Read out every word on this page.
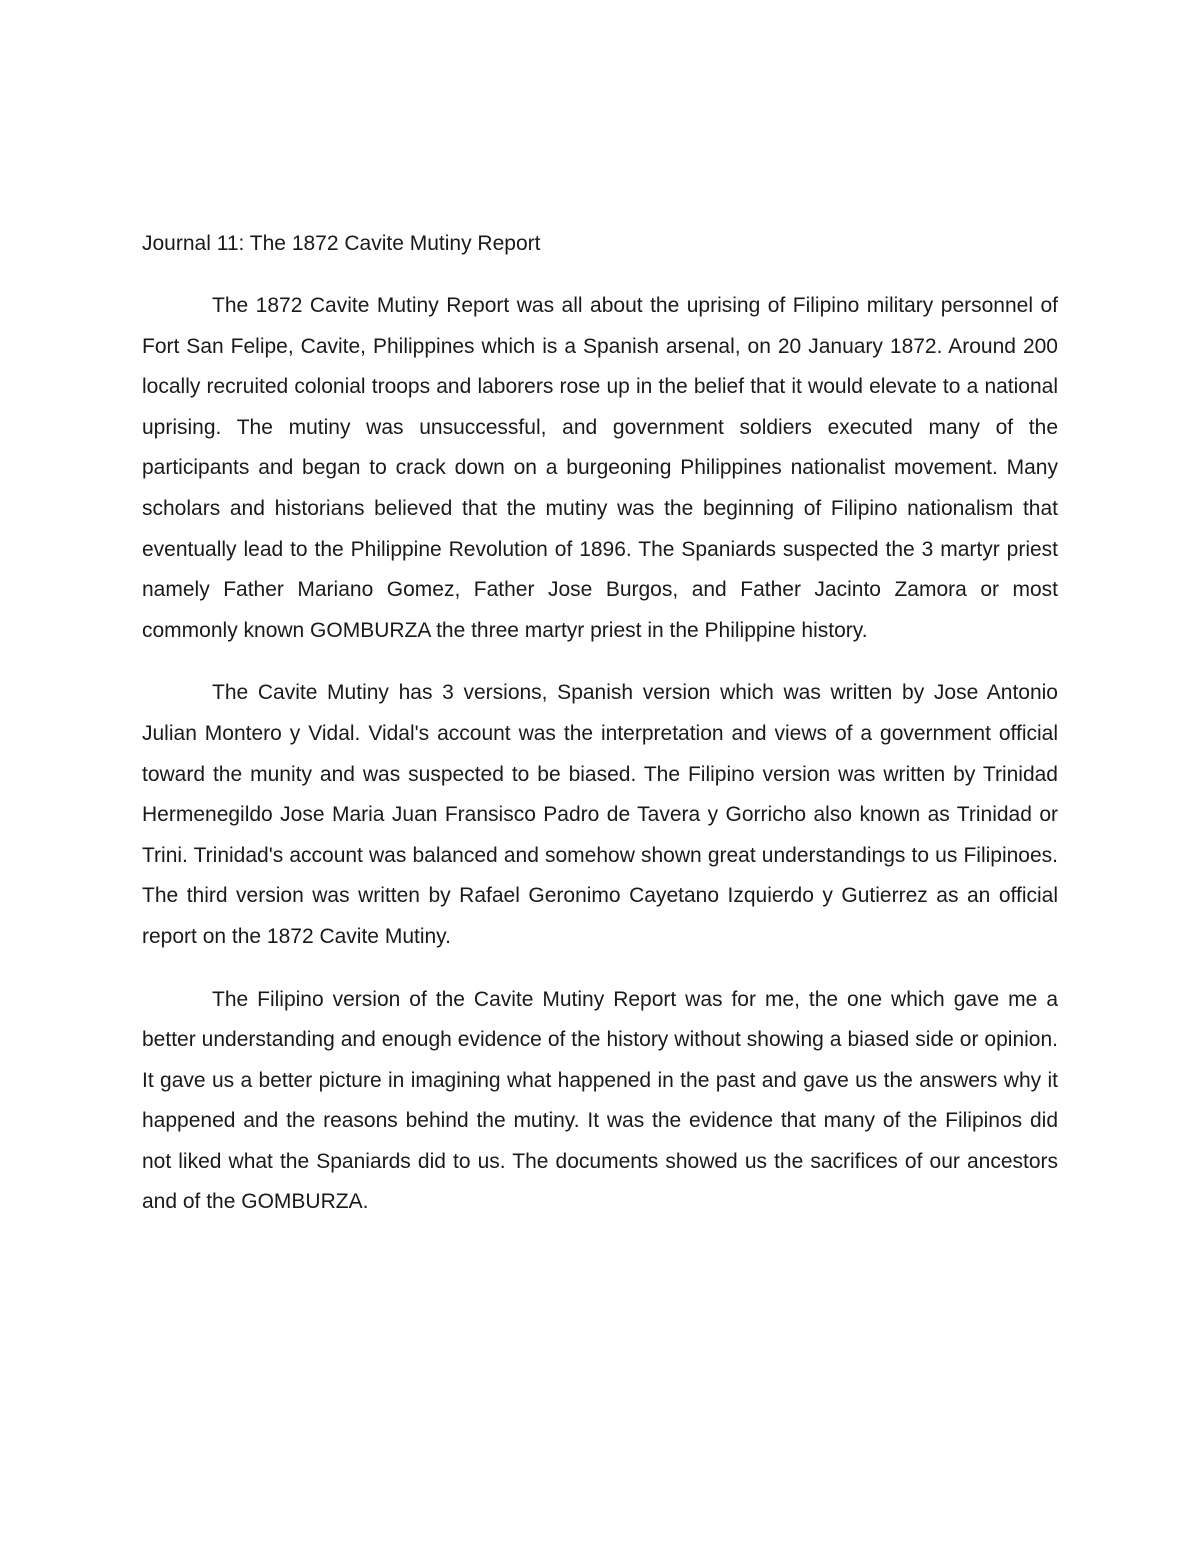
Journal 11: The 1872 Cavite Mutiny Report

The 1872 Cavite Mutiny Report was all about the uprising of Filipino military personnel of Fort San Felipe, Cavite, Philippines which is a Spanish arsenal, on 20 January 1872. Around 200 locally recruited colonial troops and laborers rose up in the belief that it would elevate to a national uprising. The mutiny was unsuccessful, and government soldiers executed many of the participants and began to crack down on a burgeoning Philippines nationalist movement. Many scholars and historians believed that the mutiny was the beginning of Filipino nationalism that eventually lead to the Philippine Revolution of 1896. The Spaniards suspected the 3 martyr priest namely Father Mariano Gomez, Father Jose Burgos, and Father Jacinto Zamora or most commonly known GOMBURZA the three martyr priest in the Philippine history.

The Cavite Mutiny has 3 versions, Spanish version which was written by Jose Antonio Julian Montero y Vidal. Vidal's account was the interpretation and views of a government official toward the munity and was suspected to be biased. The Filipino version was written by Trinidad Hermenegildo Jose Maria Juan Fransisco Padro de Tavera y Gorricho also known as Trinidad or Trini. Trinidad's account was balanced and somehow shown great understandings to us Filipinoes. The third version was written by Rafael Geronimo Cayetano Izquierdo y Gutierrez as an official report on the 1872 Cavite Mutiny.

The Filipino version of the Cavite Mutiny Report was for me, the one which gave me a better understanding and enough evidence of the history without showing a biased side or opinion. It gave us a better picture in imagining what happened in the past and gave us the answers why it happened and the reasons behind the mutiny. It was the evidence that many of the Filipinos did not liked what the Spaniards did to us. The documents showed us the sacrifices of our ancestors and of the GOMBURZA.
